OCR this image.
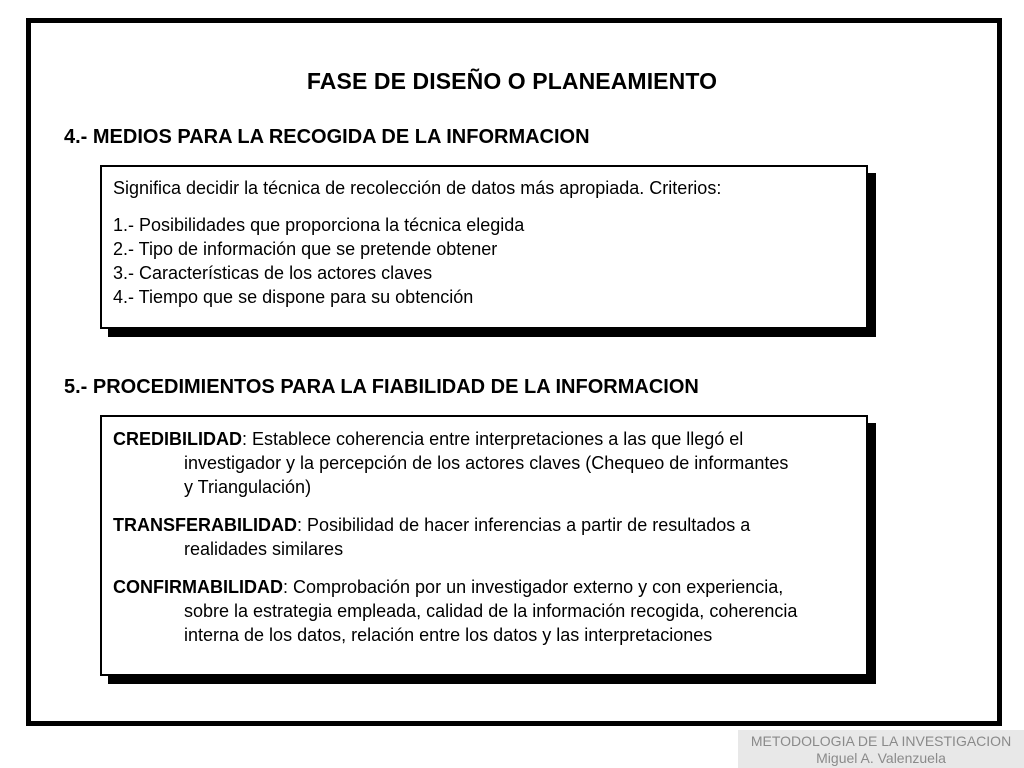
FASE DE DISEÑO O PLANEAMIENTO
4.- MEDIOS PARA LA RECOGIDA DE LA INFORMACION
Significa decidir la técnica de recolección de datos más apropiada. Criterios:
1.- Posibilidades que proporciona la técnica elegida
2.- Tipo de información que se pretende obtener
3.- Características de los actores claves
4.- Tiempo que se dispone para su obtención
5.- PROCEDIMIENTOS PARA LA FIABILIDAD DE LA INFORMACION
CREDIBILIDAD: Establece coherencia entre interpretaciones a las que llegó el
investigador y la percepción de los actores claves (Chequeo de informantes
y Triangulación)
TRANSFERABILIDAD: Posibilidad de hacer inferencias a partir de resultados a
realidades similares
CONFIRMABILIDAD: Comprobación por un investigador externo y con experiencia,
sobre la estrategia empleada, calidad de la información recogida, coherencia
interna de los datos, relación entre los datos y las interpretaciones
METODOLOGIA DE LA INVESTIGACION
Miguel A. Valenzuela
